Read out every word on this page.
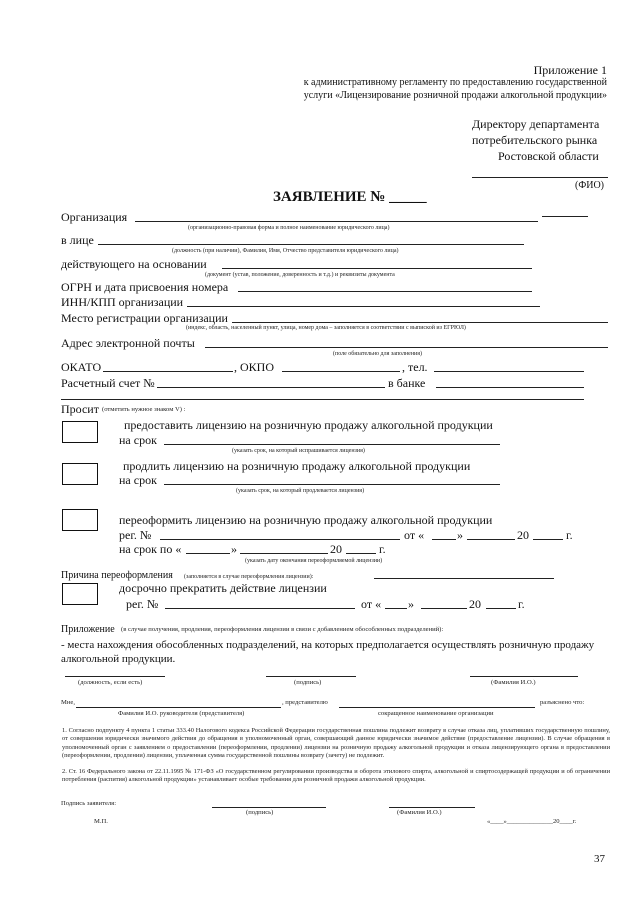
Приложение 1
к административному регламенту по предоставлению государственной
услуги «Лицензирование розничной продажи алкогольной продукции»
Директору департамента
потребительского рынка
Ростовской области
(ФИО)
ЗАЯВЛЕНИЕ № _____
Организация
(организационно-правовая форма и полное наименование юридического лица)
в лице
(должность (при наличии), Фамилия, Имя, Отчество представителя юридического лица)
действующего на основании
(документ (устав, положение, доверенность и т.д.) и реквизиты документа
ОГРН и дата присвоения номера
ИНН/КПП организации
Место регистрации организации
(индекс, область, населенный пункт, улица, номер дома – заполняется в соответствии с выпиской из ЕГРЮЛ)
Адрес электронной почты
(поле обязательно для заполнения)
ОКАТО	, ОКПО	, тел.
Расчетный счет №	в банке
Просит (отметить нужное знаком V) :
предоставить лицензию на розничную продажу алкогольной продукции
на срок
(указать срок, на который испрашивается лицензия)
продлить лицензию на розничную продажу алкогольной продукции
на срок
(указать срок, на который продлевается лицензия)
переоформить лицензию на розничную продажу алкогольной продукции
рег. №	от «	»	20	г.
на срок по «	»	20	г.
(указать дату окончания переоформляемой лицензии)
Причина переоформления (заполняется в случае переоформления лицензии):
досрочно прекратить действие лицензии
рег. №	от « »	20	г.
Приложение (в случае получения, продления, переоформления лицензии в связи с добавлением обособленных подразделений):
- места нахождения обособленных подразделений, на которых предполагается осуществлять розничную продажу
алкогольной продукции.
(должность, если есть)	(подпись)	(Фамилия И.О.)
Мне,	, представителю	разъяснено что:
Фамилия И.О. руководителя (представителя)	сокращенное наименование организации
1. Согласно подпункту 4 пункта 1 статьи 333.40 Налогового кодекса Российской Федерации государственная пошлина подлежит возврату в случае отказа лиц, уплативших государственную пошлину, от совершения юридически значимого действия до обращения в уполномоченный орган, совершающий данное юридически значимое действие (предоставление лицензии). В случае обращения в уполномоченный орган с заявлением о предоставлении (переоформлении, продлении) лицензии на розничную продажу алкогольной продукции и отказа лицензирующего органа в предоставлении (переоформлении, продлении) лицензии, уплаченная сумма государственной пошлины возврату (зачету) не подлежит.
2. Ст. 16 Федерального закона от 22.11.1995 № 171-ФЗ «О государственном регулировании производства и оборота этилового спирта, алкогольной и спиртосодержащей продукции и об ограничении потребления (распития) алкогольной продукции» устанавливает особые требования для розничной продажи алкогольной продукции.
Подпись заявителя:
(подпись)	(Фамилия И.О.)
М.П.	«____»______________20____г.
37
